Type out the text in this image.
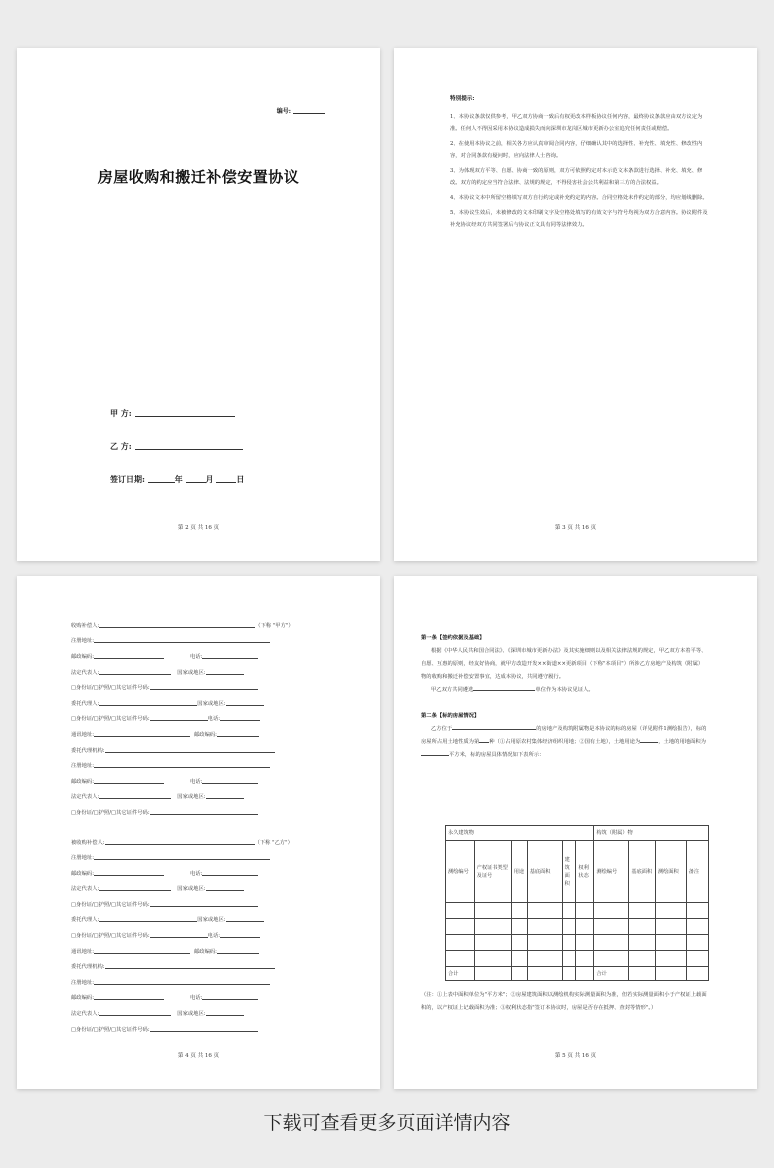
编号:
房屋收购和搬迁补偿安置协议
甲 方:
乙 方:
签订日期:	年	月	日
第 2 页 共 16 页
特别提示:

1、本协议条款仅供参考，甲乙双方协商一致后有权更改本样板协议任何内容，最终协议条款应由双方议定为准。任何人不得因采用本协议造成损失而向深圳市龙岗区城市更新办公室追究任何责任或赔偿。

2、在使用本协议之前，相关各方应认真审阅合同内容，仔细确认其中的选择性、补充性、填充性、修改性内容，对合同条款有疑问时，应向法律人士咨询。

3、为体现双方平等、自愿、协商一致的原则，双方可依照约定对本示范文本条款进行选择、补充、填充、修改。双方的约定应当符合法律、法规的规定，不得侵害社会公共利益和第三方的合法权益。

4、本协议文本中所留空格填写双方自行约定或补充约定的内容。合同空格处未作约定的部分，均应划线删除。

5、本协议生效后，未被修改的文本印刷文字及空格处填写的有效文字与符号均视为双方合意内容。协议附件及补充协议经双方共同签署后与协议正文具有同等法律效力。

第 3 页 共 16 页
收购补偿人:	（下称 "甲方"）
注册地址:
邮政编码:	电话:
法定代表人:	国家或地区:
□身份证/□护照/□其它证件号码:
委托代理人:	国家或地区:
□身份证/□护照/□其它证件号码:	电话:
通讯地址:	邮政编码:
委托代理机构:
注册地址:
邮政编码:	电话:
法定代表人:	国家或地区:
□身份证/□护照/□其它证件号码:
被收购补偿人:	（下称 "乙方"）
注册地址:
邮政编码:	电话:
法定代表人:	国家或地区:
□身份证/□护照/□其它证件号码:
委托代理人:	国家或地区:
□身份证/□护照/□其它证件号码:	电话:
通讯地址:	邮政编码:
委托代理机构:
注册地址:
邮政编码:	电话:
法定代表人:	国家或地区:
□身份证/□护照/□其它证件号码:
第 4 页 共 16 页
第一条【签约依据及基础】

根据《中华人民共和国合同法》、《深圳市城市更新办法》及其实施细则以及相关法律法规的规定，甲乙双方本着平等、自愿、互惠的原则，经友好协商，就甲方改造开发××街道××更新项目（下称"本项目"）所涉乙方房地产及构筑（附属）物的收购和搬迁补偿安置事宜，达成本协议，共同遵守履行。

甲乙双方共同遴选	单位作为本协议见证人。

第二条【标的房屋情况】

乙方位于	的房地产及构筑附属物是本协议的标的房屋（详见附件1测绘报告），标的房屋所占用土地性质为第 种（①占用原农村集体经济组织用地；②国有土地），土地用途为	，土地的用地面积为平方米，标的房屋具体情况如下表所示：

永久建筑物						构筑（附属）物			
测绘编号	产权证书类型及证号	用途	基底面积	建筑面积	权利状态	测绘编号	基底面积	测绘面积	备注

合计						合计			
（注：①上表中面积单位为"平方米"；②房屋建筑面积以测绘机构实际测量面积为准，但若实际测量面积小于产权证上载面积的，以产权证上记载面积为准；③权利状态指"签订本协议时，房屋是否存在抵押、查封等情形"。）
第 5 页 共 16 页
下载可查看更多页面详情内容
